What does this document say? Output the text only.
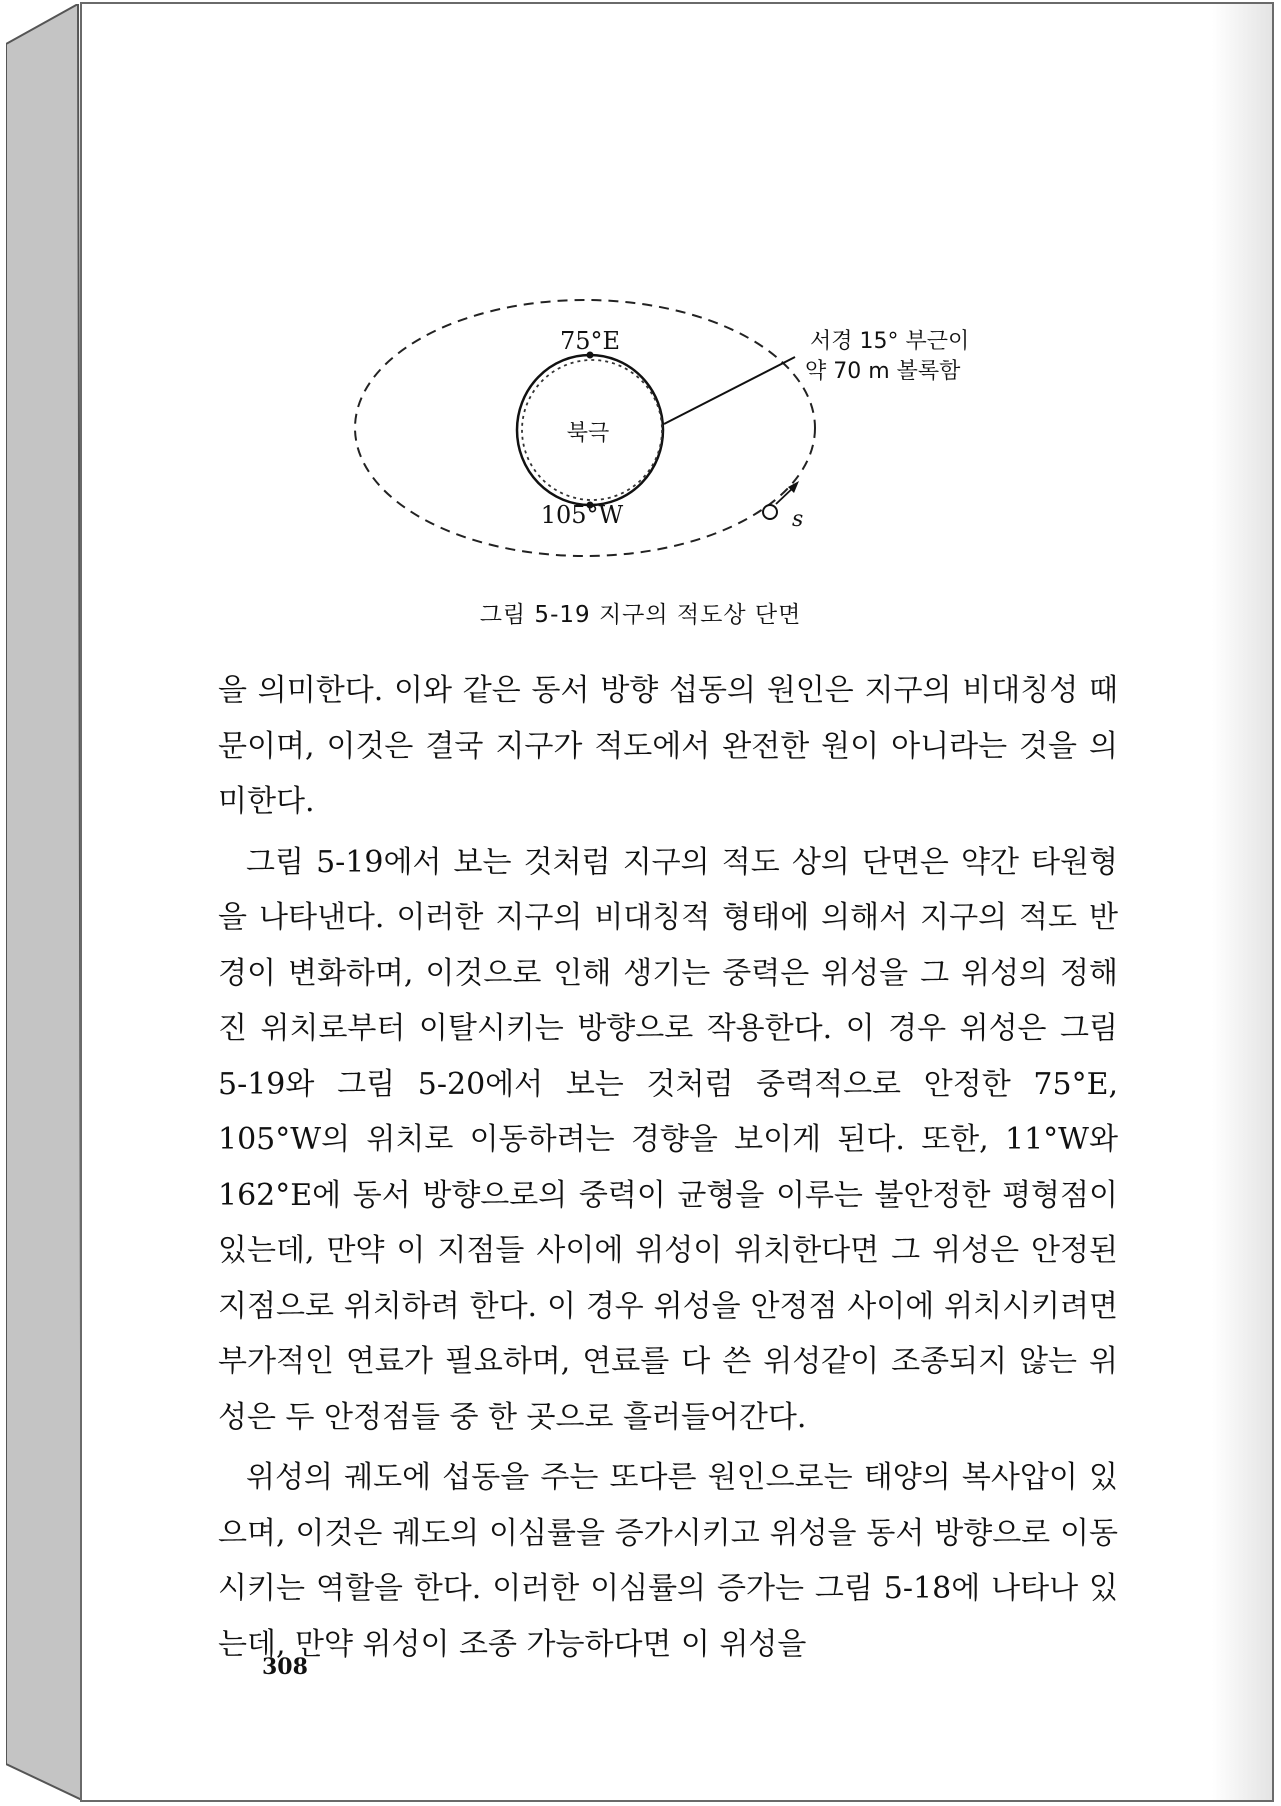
75°E
105°W
북극
서경 15° 부근이
약 70 m 볼록함
s
그림 5-19 지구의 적도상 단면

을 의미한다. 이와 같은 동서 방향 섭동의 원인은 지구의 비대칭성 때문이며, 이것은 결국 지구가 적도에서 완전한 원이 아니라는 것을 의미한다.

그림 5-19에서 보는 것처럼 지구의 적도 상의 단면은 약간 타원형을 나타낸다. 이러한 지구의 비대칭적 형태에 의해서 지구의 적도 반경이 변화하며, 이것으로 인해 생기는 중력은 위성을 그 위성의 정해진 위치로부터 이탈시키는 방향으로 작용한다. 이 경우 위성은 그림 5-19와 그림 5-20에서 보는 것처럼 중력적으로 안정한 75°E, 105°W의 위치로 이동하려는 경향을 보이게 된다. 또한, 11°W와 162°E에 동서 방향으로의 중력이 균형을 이루는 불안정한 평형점이 있는데, 만약 이 지점들 사이에 위성이 위치한다면 그 위성은 안정된 지점으로 위치하려 한다. 이 경우 위성을 안정점 사이에 위치시키려면 부가적인 연료가 필요하며, 연료를 다 쓴 위성같이 조종되지 않는 위성은 두 안정점들 중 한 곳으로 흘러들어간다.

위성의 궤도에 섭동을 주는 또다른 원인으로는 태양의 복사압이 있으며, 이것은 궤도의 이심률을 증가시키고 위성을 동서 방향으로 이동시키는 역할을 한다. 이러한 이심률의 증가는 그림 5-18에 나타나 있는데, 만약 위성이 조종 가능하다면 이 위성을

308
